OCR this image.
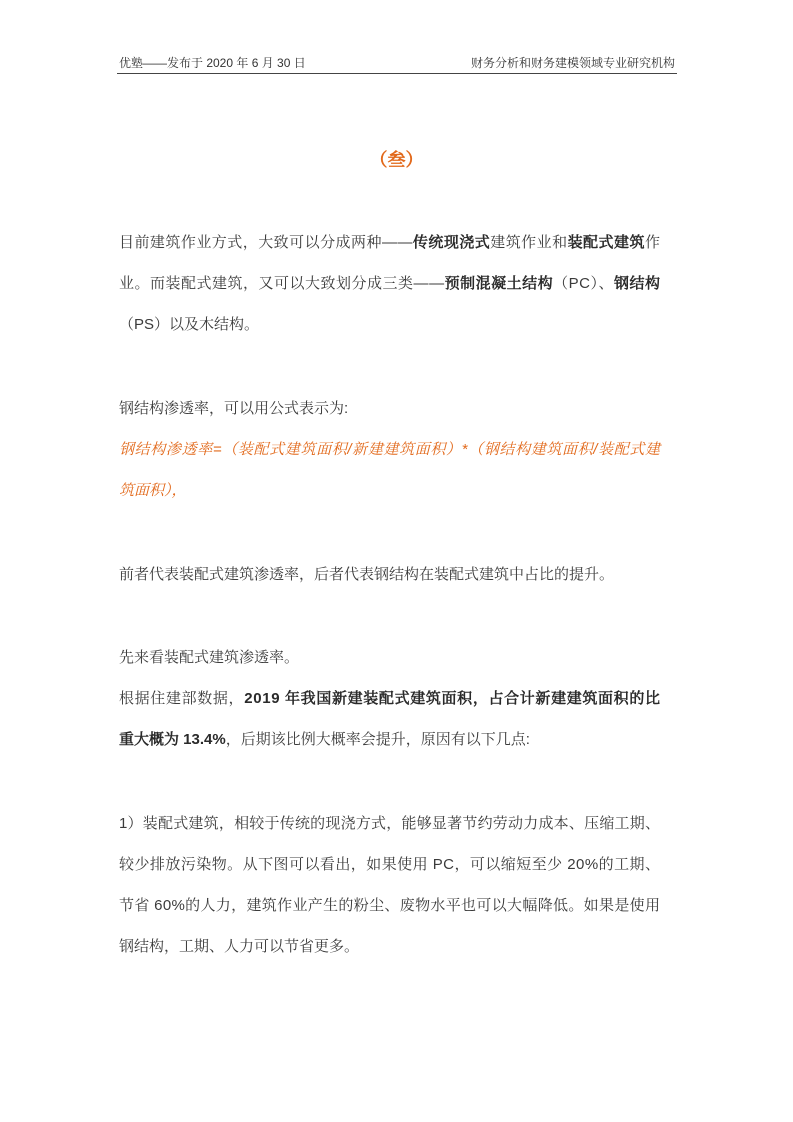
优塾——发布于 2020 年 6 月 30 日	财务分析和财务建模领域专业研究机构
（叁）
目前建筑作业方式，大致可以分成两种——传统现浇式建筑作业和装配式建筑作
业。而装配式建筑，又可以大致划分成三类——预制混凝土结构（PC）、钢结构
（PS）以及木结构。
钢结构渗透率，可以用公式表示为:
钢结构渗透率=（装配式建筑面积/新建建筑面积）*（钢结构建筑面积/装配式建
筑面积），
前者代表装配式建筑渗透率，后者代表钢结构在装配式建筑中占比的提升。
先来看装配式建筑渗透率。
根据住建部数据，2019 年我国新建装配式建筑面积，占合计新建建筑面积的比
重大概为 13.4%，后期该比例大概率会提升，原因有以下几点:
1）装配式建筑，相较于传统的现浇方式，能够显著节约劳动力成本、压缩工期、
较少排放污染物。从下图可以看出，如果使用 PC，可以缩短至少 20%的工期、
节省 60%的人力，建筑作业产生的粉尘、废物水平也可以大幅降低。如果是使用
钢结构，工期、人力可以节省更多。
